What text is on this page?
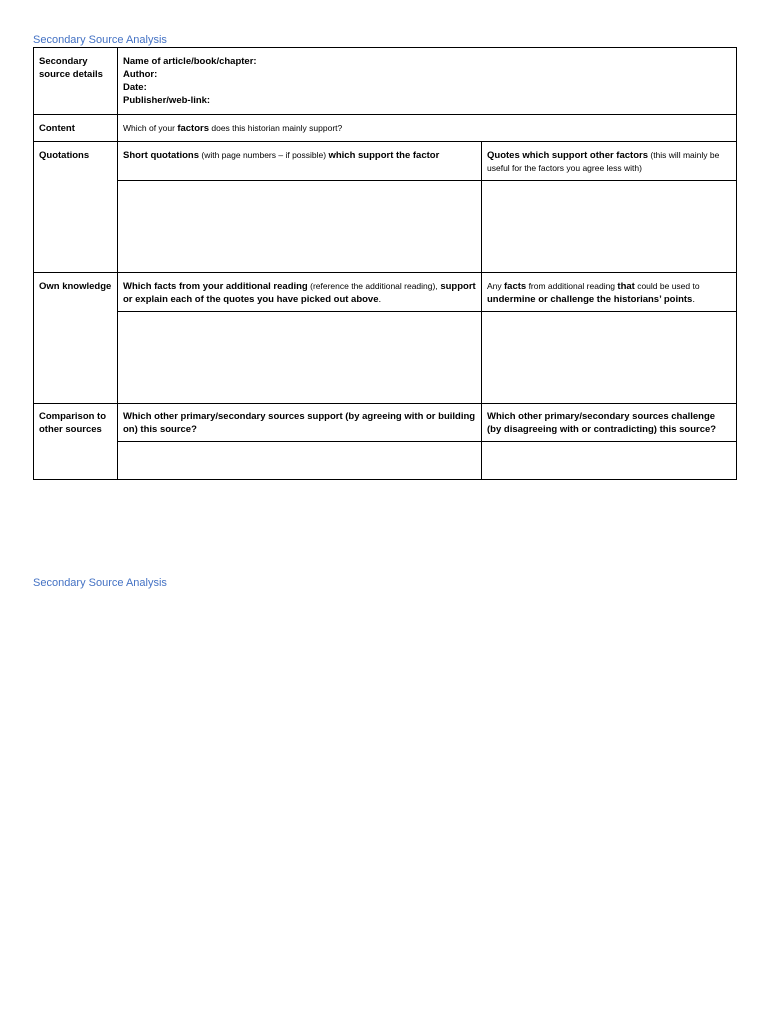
Secondary Source Analysis
Secondary source details	Name of article/book/chapter:
Author:
Date:
Publisher/web-link:	

Content	Which of your factors does this historian mainly support?	
Quotations	Short quotations (with page numbers – if possible) which support the factor	Quotes which support other factors (this will mainly be useful for the factors you agree less with)

Own knowledge	Which facts from your additional reading (reference the additional reading), support or explain each of the quotes you have picked out above.	Any facts from additional reading that could be used to undermine or challenge the historians’ points.

Comparison to other sources	Which other primary/secondary sources support (by agreeing with or building on) this source?	Which other primary/secondary sources challenge (by disagreeing with or contradicting) this source?

Secondary Source Analysis
